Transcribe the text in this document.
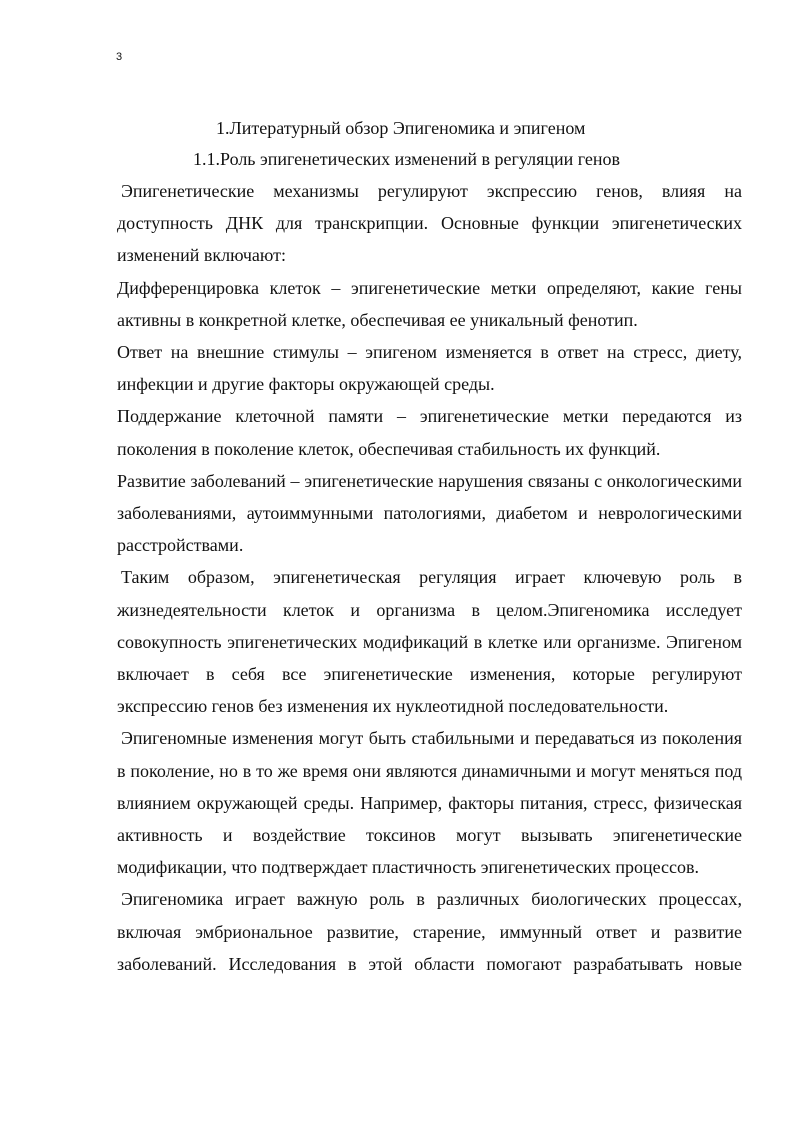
3

1.Литературный обзор Эпигеномика и эпигеном

1.1.Роль эпигенетических изменений в регуляции генов

Эпигенетические механизмы регулируют экспрессию генов, влияя на доступность ДНК для транскрипции. Основные функции эпигенетических изменений включают:

Дифференцировка клеток – эпигенетические метки определяют, какие гены активны в конкретной клетке, обеспечивая ее уникальный фенотип.

Ответ на внешние стимулы – эпигеном изменяется в ответ на стресс, диету, инфекции и другие факторы окружающей среды.

Поддержание клеточной памяти – эпигенетические метки передаются из поколения в поколение клеток, обеспечивая стабильность их функций.

Развитие заболеваний – эпигенетические нарушения связаны с онкологическими заболеваниями, аутоиммунными патологиями, диабетом и неврологическими расстройствами.

Таким образом, эпигенетическая регуляция играет ключевую роль в жизнедеятельности клеток и организма в целом.Эпигеномика исследует совокупность эпигенетических модификаций в клетке или организме. Эпигеном включает в себя все эпигенетические изменения, которые регулируют экспрессию генов без изменения их нуклеотидной последовательности.

Эпигеномные изменения могут быть стабильными и передаваться из поколения в поколение, но в то же время они являются динамичными и могут меняться под влиянием окружающей среды. Например, факторы питания, стресс, физическая активность и воздействие токсинов могут вызывать эпигенетические модификации, что подтверждает пластичность эпигенетических процессов.

Эпигеномика играет важную роль в различных биологических процессах, включая эмбриональное развитие, старение, иммунный ответ и развитие заболеваний. Исследования в этой области помогают разрабатывать новые
